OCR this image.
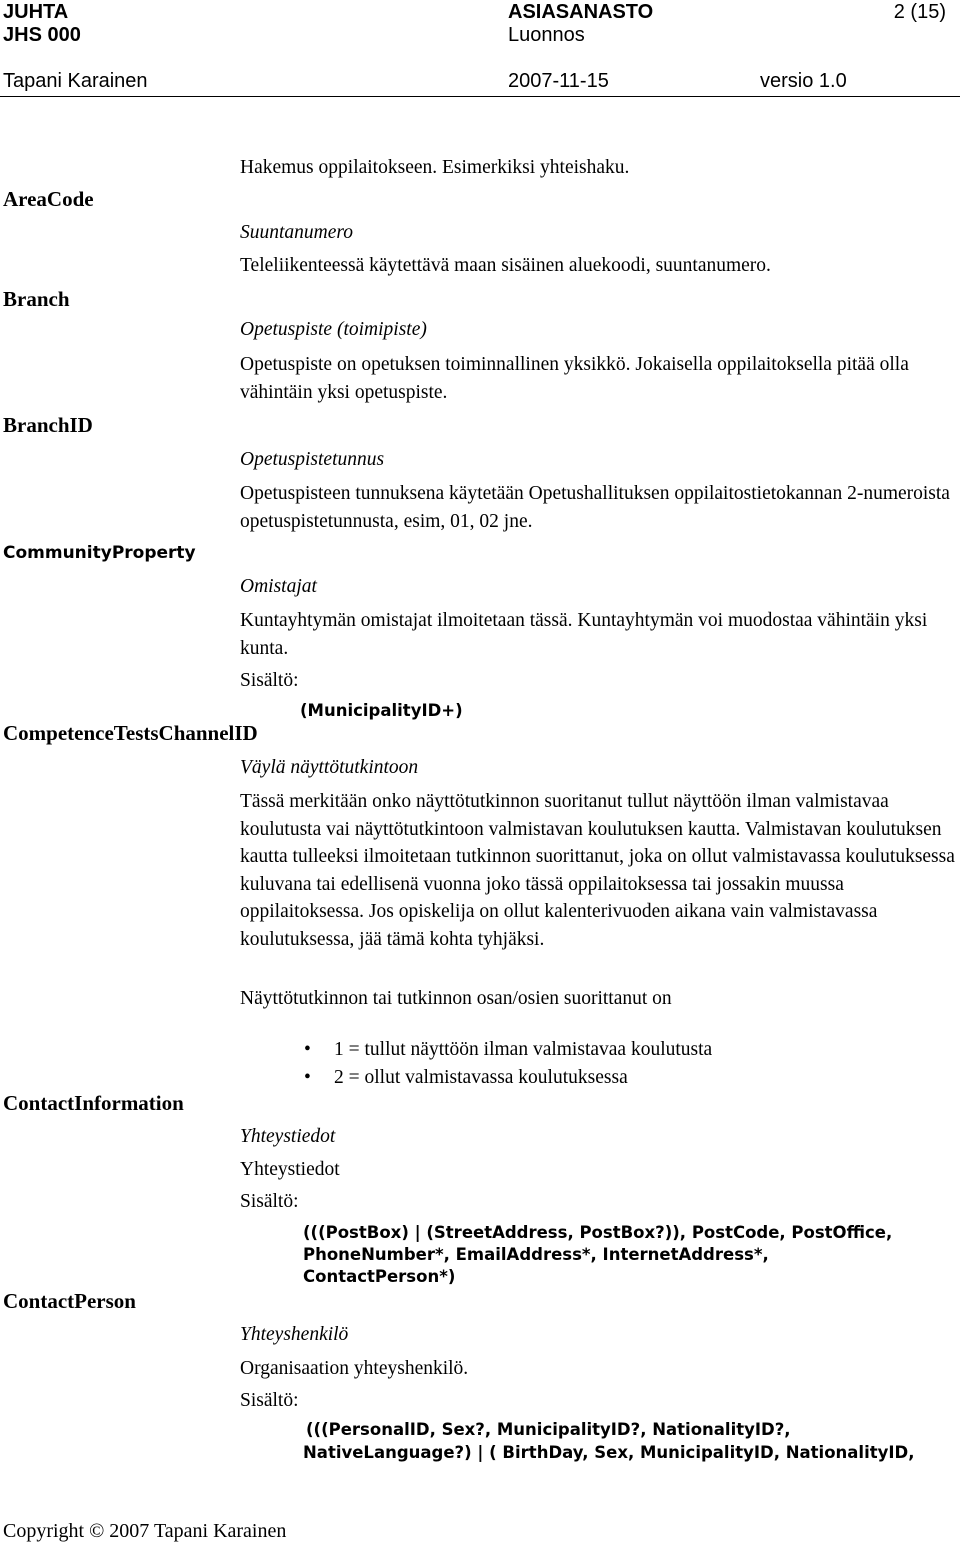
JUHTA
JHS 000
ASIASANASTO
Luonnos
2 (15)
Tapani Karainen	2007-11-15	versio 1.0
Hakemus oppilaitokseen. Esimerkiksi yhteishaku.
AreaCode
Suuntanumero
Teleliikenteessä käytettävä maan sisäinen aluekoodi, suuntanumero.
Branch
Opetuspiste (toimipiste)
Opetuspiste on opetuksen toiminnallinen yksikkö. Jokaisella oppilaitoksella pitää olla vähintäin yksi opetuspiste.
BranchID
Opetuspistetunnus
Opetuspisteen tunnuksena käytetään Opetushallituksen oppilaitostietokannan 2-numeroista opetuspistetunnusta, esim, 01, 02 jne.
CommunityProperty
Omistajat
Kuntayhtymän omistajat ilmoitetaan tässä. Kuntayhtymän voi muodostaa vähintäin yksi kunta.
Sisältö:
(MunicipalityID+)
CompetenceTestsChannelID
Väylä näyttötutkintoon
Tässä merkitään onko näyttötutkinnon suoritanut tullut näyttöön ilman valmistavaa koulutusta vai näyttötutkintoon valmistavan koulutuksen kautta. Valmistavan koulutuksen kautta tulleeksi ilmoitetaan tutkinnon suorittanut, joka on ollut valmistavassa koulutuksessa kuluvana tai edellisenä vuonna joko tässä oppilaitoksessa tai jossakin muussa oppilaitoksessa. Jos opiskelija on ollut kalenterivuoden aikana vain valmistavassa koulutuksessa, jää tämä kohta tyhjäksi.
Näyttötutkinnon tai tutkinnon osan/osien suorittanut on
• 1 = tullut näyttöön ilman valmistavaa koulutusta
• 2 = ollut valmistavassa koulutuksessa
ContactInformation
Yhteystiedot
Yhteystiedot
Sisältö:
(((PostBox) | (StreetAddress, PostBox?)), PostCode, PostOffice,
PhoneNumber*, EmailAddress*, InternetAddress*,
ContactPerson*)
ContactPerson
Yhteyshenkilö
Organisaation yhteyshenkilö.
Sisältö:
(((PersonalID, Sex?, MunicipalityID?, NationalityID?,
NativeLanguage?) | ( BirthDay, Sex, MunicipalityID, NationalityID,
Copyright © 2007 Tapani Karainen
